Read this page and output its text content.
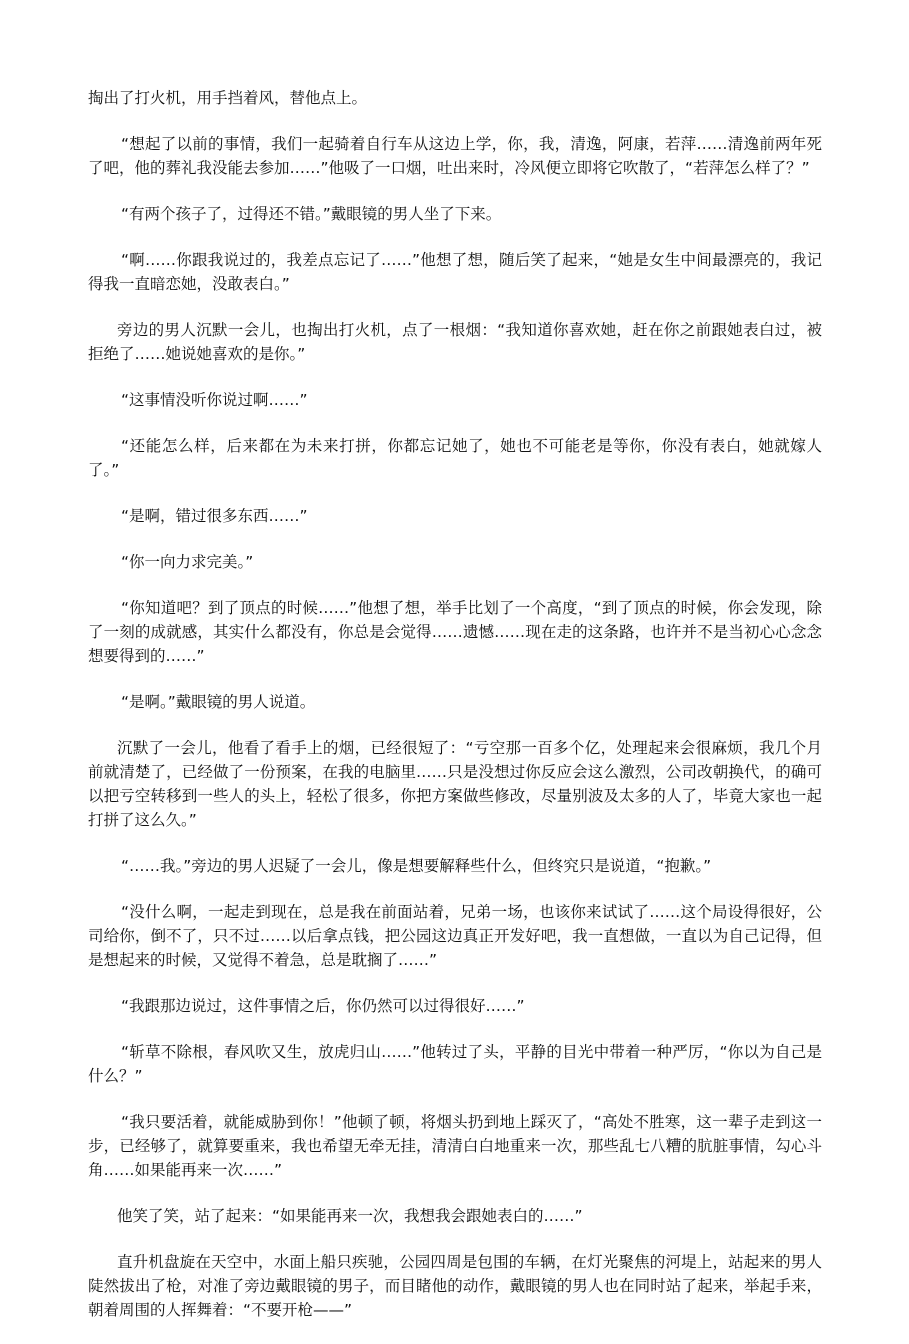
掏出了打火机，用手挡着风，替他点上。

“想起了以前的事情，我们一起骑着自行车从这边上学，你，我，清逸，阿康，若萍……清逸前两年死了吧，他的葬礼我没能去参加……”他吸了一口烟，吐出来时，冷风便立即将它吹散了，“若萍怎么样了？”

“有两个孩子了，过得还不错。”戴眼镜的男人坐了下来。

“啊……你跟我说过的，我差点忘记了……”他想了想，随后笑了起来，“她是女生中间最漂亮的，我记得我一直暗恋她，没敢表白。”

旁边的男人沉默一会儿，也掏出打火机，点了一根烟：“我知道你喜欢她，赶在你之前跟她表白过，被拒绝了……她说她喜欢的是你。”

“这事情没听你说过啊……”

“还能怎么样，后来都在为未来打拼，你都忘记她了，她也不可能老是等你，你没有表白，她就嫁人了。”

“是啊，错过很多东西……”

“你一向力求完美。”

“你知道吧？到了顶点的时候……”他想了想，举手比划了一个高度，“到了顶点的时候，你会发现，除了一刻的成就感，其实什么都没有，你总是会觉得……遗憾……现在走的这条路，也许并不是当初心心念念想要得到的……”

“是啊。”戴眼镜的男人说道。

沉默了一会儿，他看了看手上的烟，已经很短了：“亏空那一百多个亿，处理起来会很麻烦，我几个月前就清楚了，已经做了一份预案，在我的电脑里……只是没想过你反应会这么激烈，公司改朝换代，的确可以把亏空转移到一些人的头上，轻松了很多，你把方案做些修改，尽量别波及太多的人了，毕竟大家也一起打拼了这么久。”

“……我。”旁边的男人迟疑了一会儿，像是想要解释些什么，但终究只是说道，“抱歉。”

“没什么啊，一起走到现在，总是我在前面站着，兄弟一场，也该你来试试了……这个局设得很好，公司给你，倒不了，只不过……以后拿点钱，把公园这边真正开发好吧，我一直想做，一直以为自己记得，但是想起来的时候，又觉得不着急，总是耽搁了……”

“我跟那边说过，这件事情之后，你仍然可以过得很好……”

“斩草不除根，春风吹又生，放虎归山……”他转过了头，平静的目光中带着一种严厉，“你以为自己是什么？”

“我只要活着，就能威胁到你！”他顿了顿，将烟头扔到地上踩灭了，“高处不胜寒，这一辈子走到这一步，已经够了，就算要重来，我也希望无牵无挂，清清白白地重来一次，那些乱七八糟的肮脏事情，勾心斗角……如果能再来一次……”

他笑了笑，站了起来：“如果能再来一次，我想我会跟她表白的……”

直升机盘旋在天空中，水面上船只疾驰，公园四周是包围的车辆，在灯光聚焦的河堤上，站起来的男人陡然拔出了枪，对准了旁边戴眼镜的男子，而目睹他的动作，戴眼镜的男人也在同时站了起来，举起手来，朝着周围的人挥舞着：“不要开枪——”
